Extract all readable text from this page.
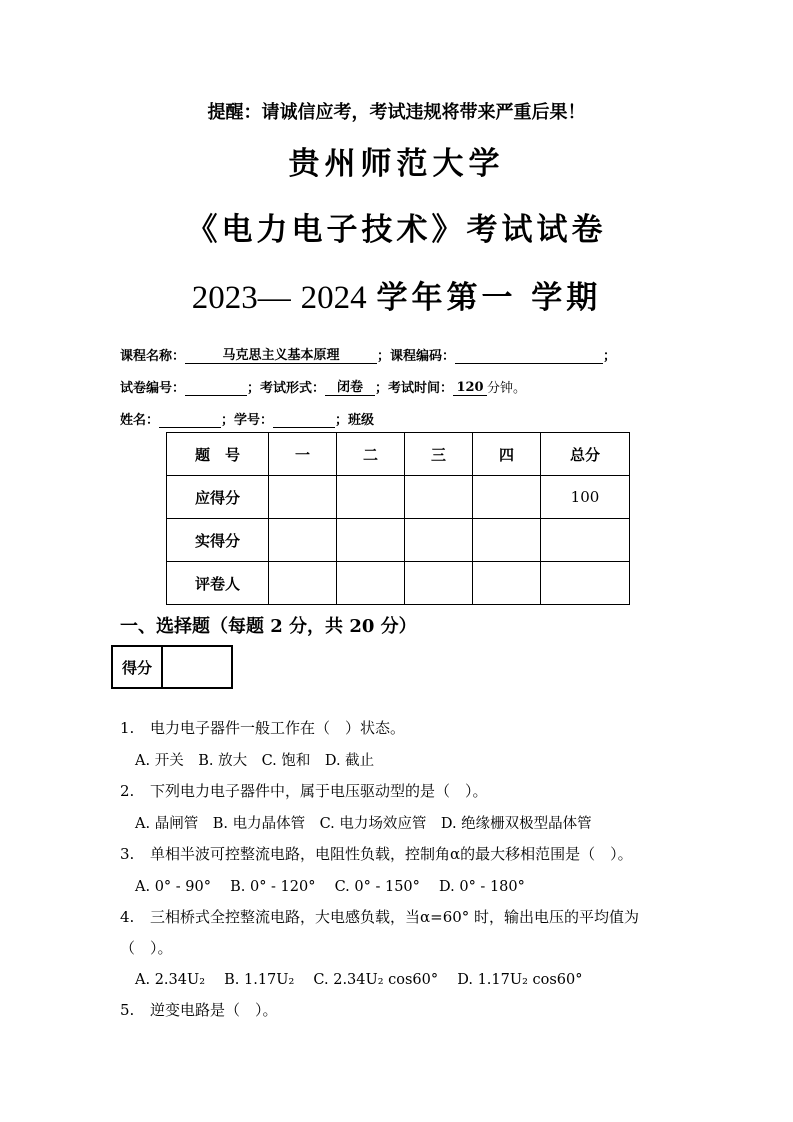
提醒：请诚信应考，考试违规将带来严重后果！
贵州师范大学
《电力电子技术》考试试卷
2023— 2024 学年第一 学期
课程名称：	马克思主义基本原理	；课程编码：	；
试卷编号：	；考试形式： 闭卷 ；考试时间： 120 分钟。
姓名：	；学号：	；班级
题　号	一	二	三	四	总分
应得分					100
实得分					
评卷人					
一、选择题（每题 2 分，共 20 分）
得分	
1. 电力电子器件一般工作在（　）状态。
A. 开关　B. 放大　C. 饱和　D. 截止
2. 下列电力电子器件中，属于电压驱动型的是（　）。
A. 晶闸管　B. 电力晶体管　C. 电力场效应管　D. 绝缘栅双极型晶体管
3. 单相半波可控整流电路，电阻性负载，控制角α的最大移相范围是（　）。
A. 0° - 90°　 B. 0° - 120°　 C. 0° - 150°　 D. 0° - 180°
4. 三相桥式全控整流电路，大电感负载，当α=60° 时，输出电压的平均值为
（　）。
A. 2.34U₂　 B. 1.17U₂　 C. 2.34U₂ cos60°　 D. 1.17U₂ cos60°
5. 逆变电路是（　）。
